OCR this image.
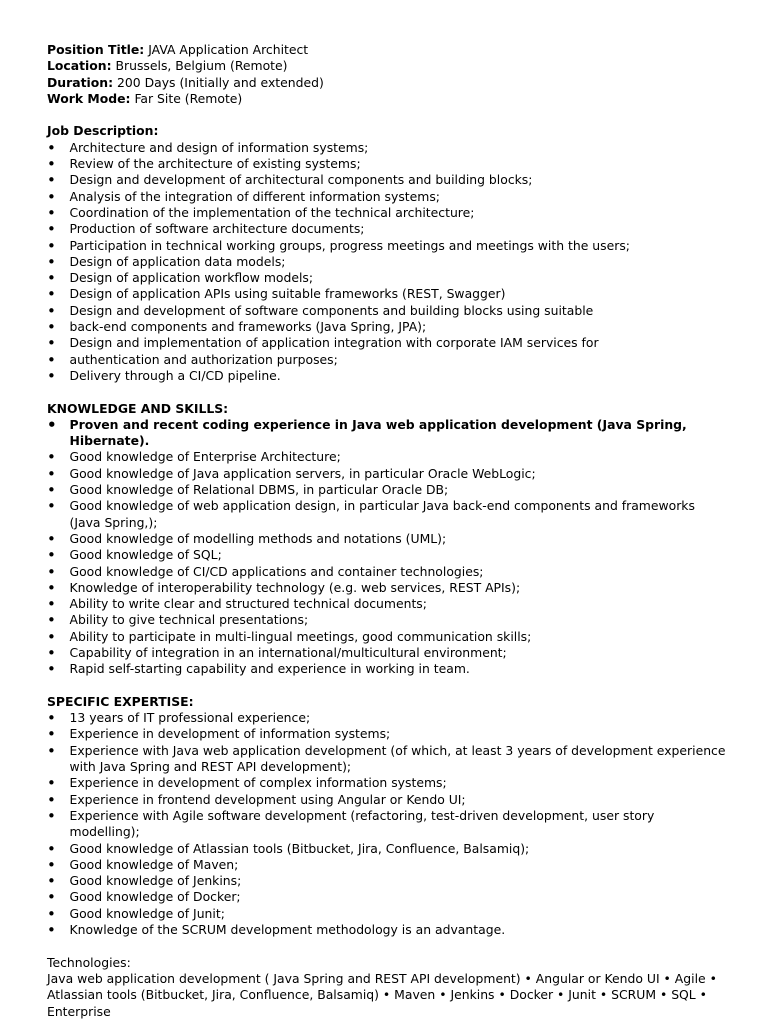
Position Title: JAVA Application Architect

Location: Brussels, Belgium (Remote)

Duration: 200 Days (Initially and extended)

Work Mode: Far Site (Remote)

Job Description:

• Architecture and design of information systems;
• Review of the architecture of existing systems;
• Design and development of architectural components and building blocks;
• Analysis of the integration of different information systems;
• Coordination of the implementation of the technical architecture;
• Production of software architecture documents;
• Participation in technical working groups, progress meetings and meetings with the users;
• Design of application data models;
• Design of application workflow models;
• Design of application APIs using suitable frameworks (REST, Swagger)
• Design and development of software components and building blocks using suitable
• back-end components and frameworks (Java Spring, JPA);
• Design and implementation of application integration with corporate IAM services for
• authentication and authorization purposes;
• Delivery through a CI/CD pipeline.

KNOWLEDGE AND SKILLS:

• Proven and recent coding experience in Java web application development (Java Spring, Hibernate).
• Good knowledge of Enterprise Architecture;
• Good knowledge of Java application servers, in particular Oracle WebLogic;
• Good knowledge of Relational DBMS, in particular Oracle DB;
• Good knowledge of web application design, in particular Java back-end components and frameworks (Java Spring,);
• Good knowledge of modelling methods and notations (UML);
• Good knowledge of SQL;
• Good knowledge of CI/CD applications and container technologies;
• Knowledge of interoperability technology (e.g. web services, REST APIs);
• Ability to write clear and structured technical documents;
• Ability to give technical presentations;
• Ability to participate in multi-lingual meetings, good communication skills;
• Capability of integration in an international/multicultural environment;
• Rapid self-starting capability and experience in working in team.

SPECIFIC EXPERTISE:

• 13 years of IT professional experience;
• Experience in development of information systems;
• Experience with Java web application development (of which, at least 3 years of development experience with Java Spring and REST API development);
• Experience in development of complex information systems;
• Experience in frontend development using Angular or Kendo UI;
• Experience with Agile software development (refactoring, test-driven development, user story modelling);
• Good knowledge of Atlassian tools (Bitbucket, Jira, Confluence, Balsamiq);
• Good knowledge of Maven;
• Good knowledge of Jenkins;
• Good knowledge of Docker;
• Good knowledge of Junit;
• Knowledge of the SCRUM development methodology is an advantage.

Technologies:

Java web application development ( Java Spring and REST API development) • Angular or Kendo UI • Agile • Atlassian tools (Bitbucket, Jira, Confluence, Balsamiq) • Maven • Jenkins • Docker • Junit • SCRUM • SQL • Enterprise
